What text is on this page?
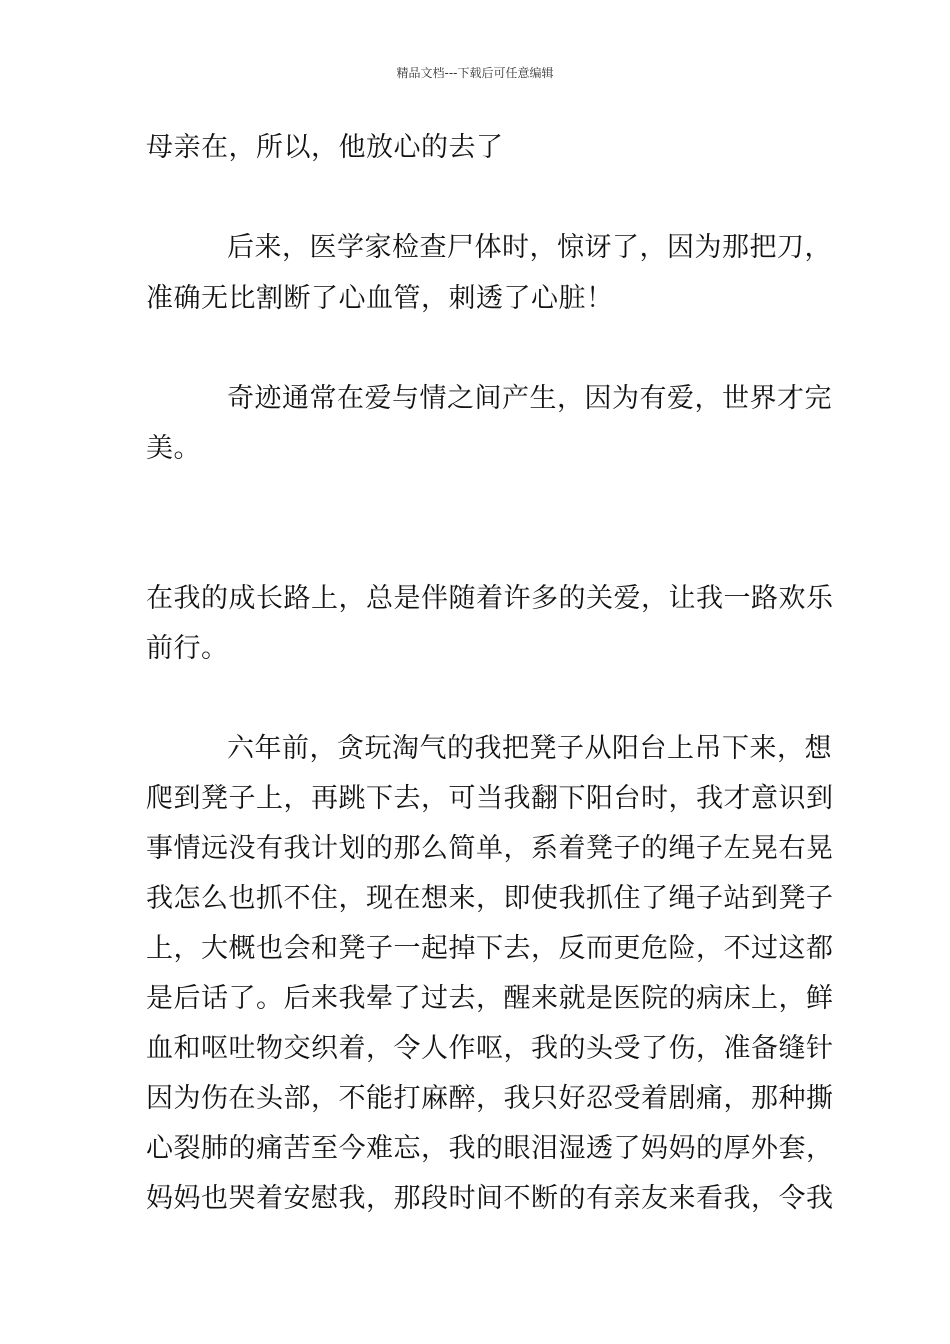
精品文档---下载后可任意编辑
母亲在，所以，他放心的去了
后来，医学家检查尸体时，惊讶了，因为那把刀，
准确无比割断了心血管，刺透了心脏！
奇迹通常在爱与情之间产生，因为有爱，世界才完
美。
在我的成长路上，总是伴随着许多的关爱，让我一路欢乐
前行。
六年前，贪玩淘气的我把凳子从阳台上吊下来，想
爬到凳子上，再跳下去，可当我翻下阳台时，我才意识到
事情远没有我计划的那么简单，系着凳子的绳子左晃右晃
我怎么也抓不住，现在想来，即使我抓住了绳子站到凳子
上，大概也会和凳子一起掉下去，反而更危险，不过这都
是后话了。后来我晕了过去，醒来就是医院的病床上，鲜
血和呕吐物交织着，令人作呕，我的头受了伤，准备缝针
因为伤在头部，不能打麻醉，我只好忍受着剧痛，那种撕
心裂肺的痛苦至今难忘，我的眼泪湿透了妈妈的厚外套，
妈妈也哭着安慰我，那段时间不断的有亲友来看我，令我
